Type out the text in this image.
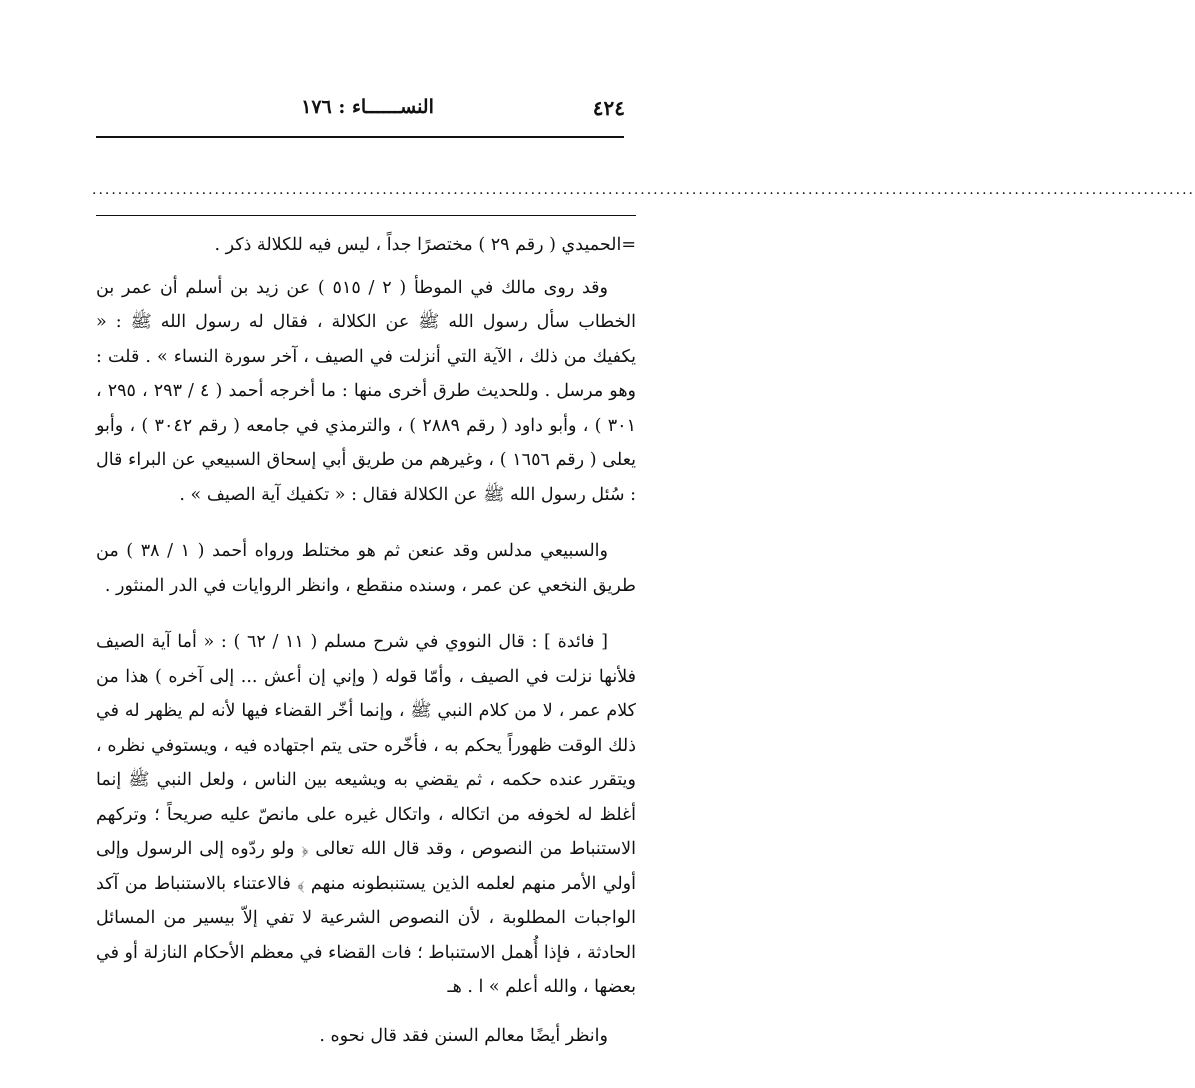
٤٢٤
النســــــاء : ١٧٦
...........................................................................................................................................................................

=الحميدي ( رقم ٢٩ ) مختصرًا جداً ، ليس فيه للكلالة ذكر .

وقد روى مالك في الموطأ ( ٢ / ٥١٥ ) عن زيد بن أسلم أن عمر بن الخطاب سأل رسول الله ﷺ عن الكلالة ، فقال له رسول الله ﷺ : « يكفيك من ذلك ، الآية التي أنزلت في الصيف ، آخر سورة النساء » . قلت : وهو مرسل . وللحديث طرق أخرى منها : ما أخرجه أحمد ( ٤ / ٢٩٣ ، ٢٩٥ ، ٣٠١ ) ، وأبو داود ( رقم ٢٨٨٩ ) ، والترمذي في جامعه ( رقم ٣٠٤٢ ) ، وأبو يعلى ( رقم ١٦٥٦ ) ، وغيرهم من طريق أبي إسحاق السبيعي عن البراء قال : سُئل رسول الله ﷺ عن الكلالة فقال : « تكفيك آية الصيف » .

والسبيعي مدلس وقد عنعن ثم هو مختلط ورواه أحمد ( ١ / ٣٨ ) من طريق النخعي عن عمر ، وسنده منقطع ، وانظر الروايات في الدر المنثور .

[ فائدة ] : قال النووي في شرح مسلم ( ١١ / ٦٢ ) : « أما آية الصيف فلأنها نزلت في الصيف ، وأمّا قوله ( وإني إن أعش ... إلى آخره ) هذا من كلام عمر ، لا من كلام النبي ﷺ ، وإنما أخّر القضاء فيها لأنه لم يظهر له في ذلك الوقت ظهوراً يحكم به ، فأخّره حتى يتم اجتهاده فيه ، ويستوفي نظره ، ويتقرر عنده حكمه ، ثم يقضي به ويشيعه بين الناس ، ولعل النبي ﷺ إنما أغلظ له لخوفه من اتكاله ، واتكال غيره على مانصّ عليه صريحاً ؛ وتركهم الاستنباط من النصوص ، وقد قال الله تعالى ﴿ ولو ردّوه إلى الرسول وإلى أولي الأمر منهم لعلمه الذين يستنبطونه منهم ﴾ فالاعتناء بالاستنباط من آكد الواجبات المطلوبة ، لأن النصوص الشرعية لا تفي إلاّ بيسير من المسائل الحادثة ، فإذا أُهمل الاستنباط ؛ فات القضاء في معظم الأحكام النازلة أو في بعضها ، والله أعلم » ا . هـ

وانظر أيضًا معالم السنن فقد قال نحوه .
